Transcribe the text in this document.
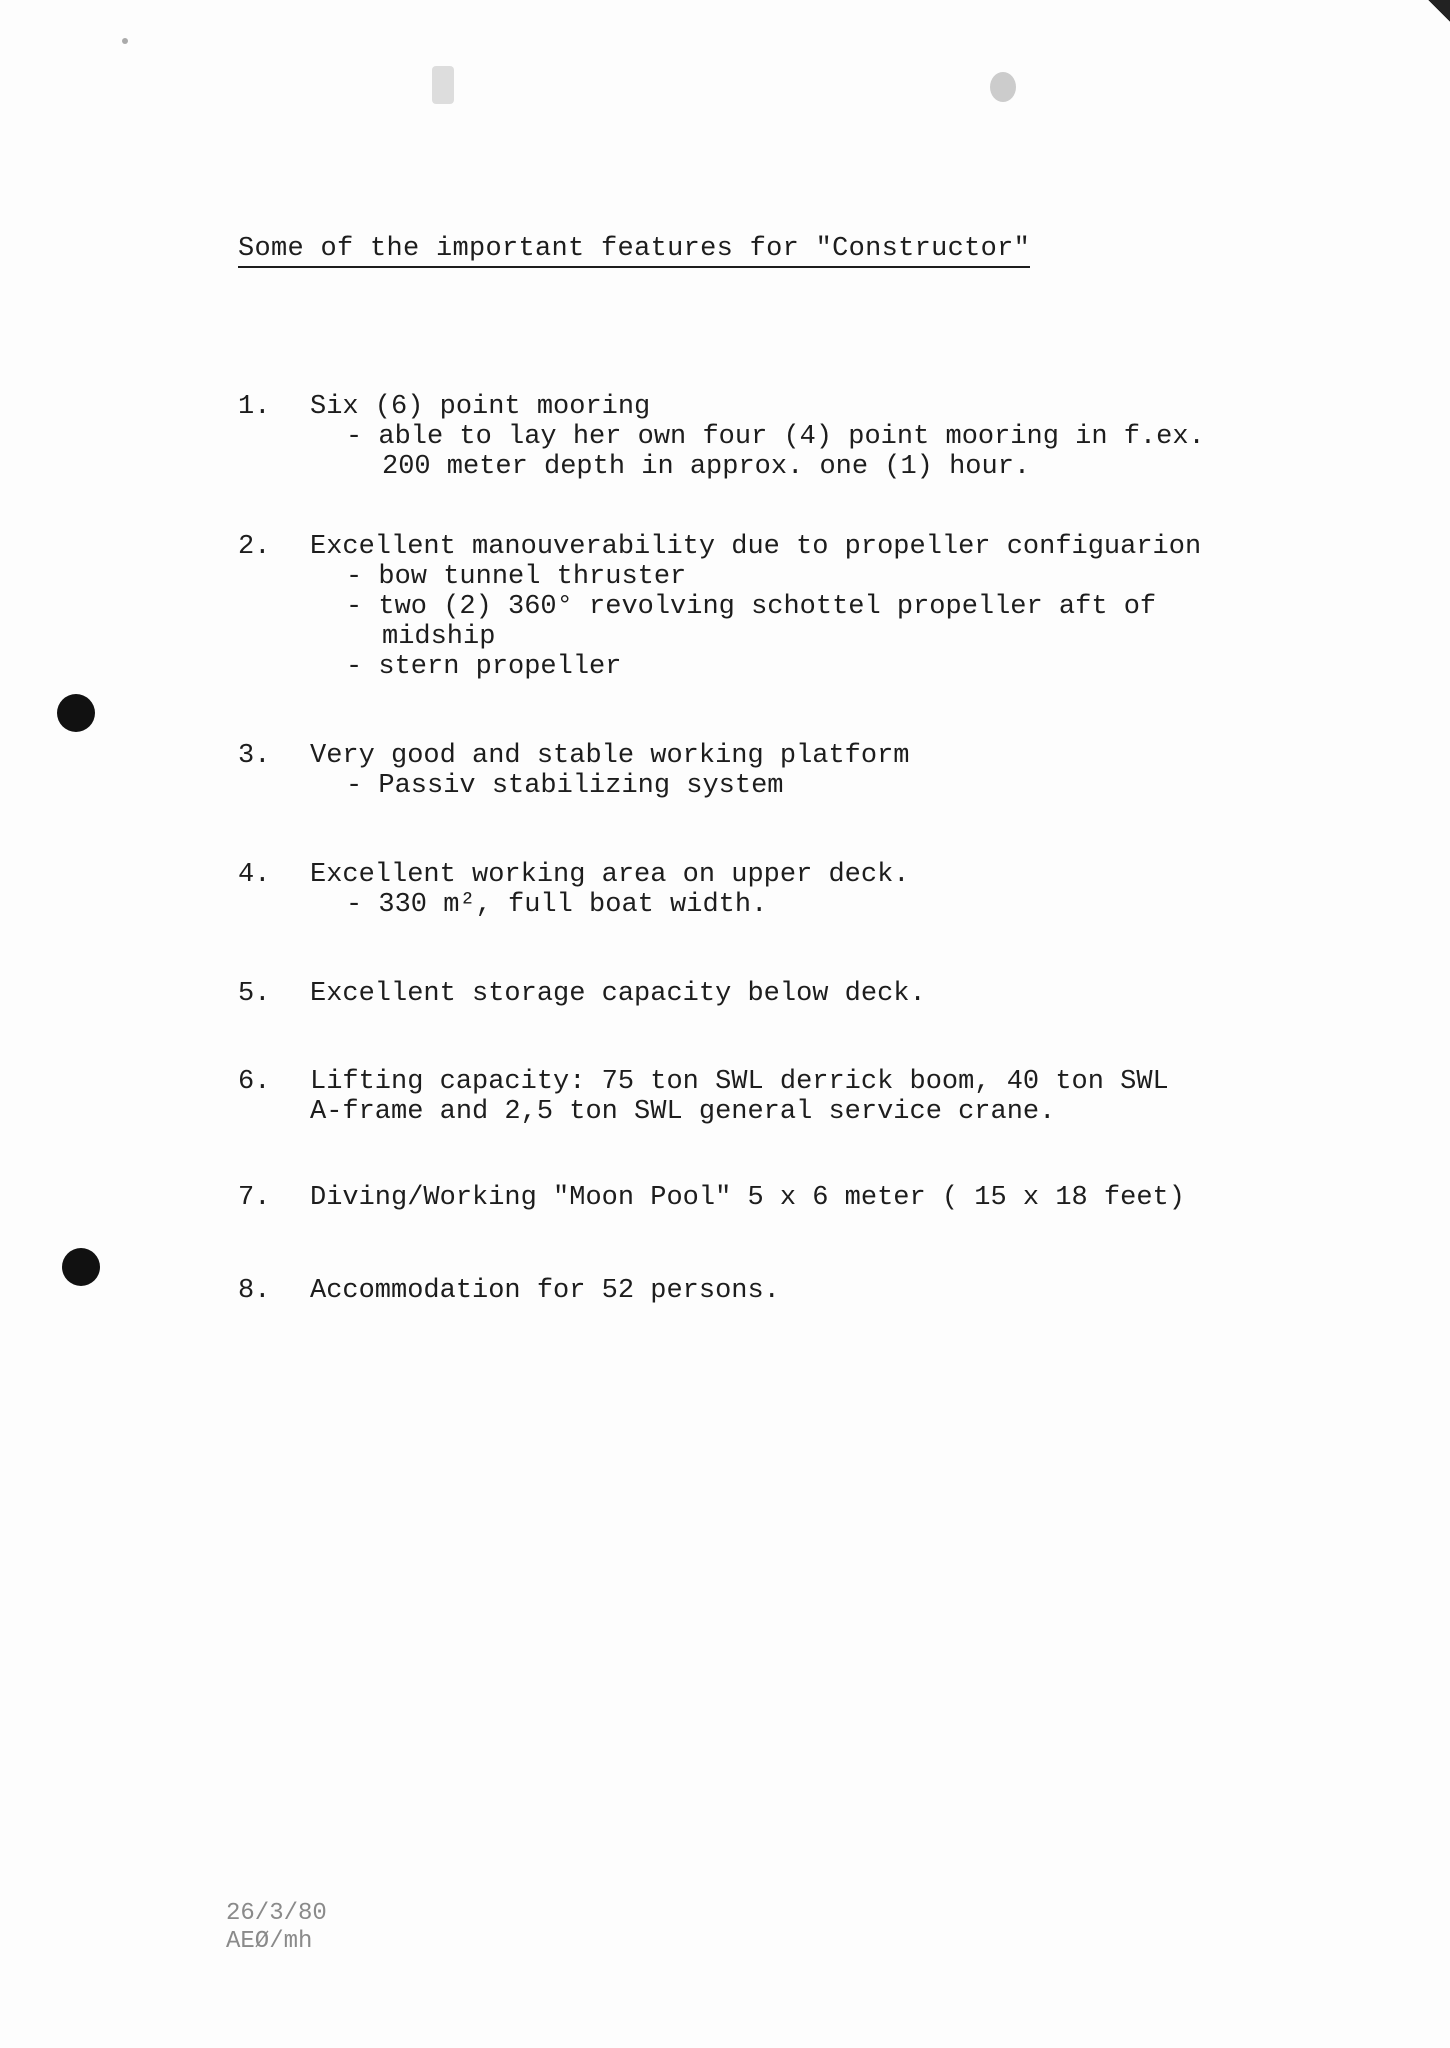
Some of the important features for "Constructor"
1.	Six (6) point mooring
- able to lay her own four (4) point mooring in f.ex.
200 meter depth in approx. one (1) hour.
2.	Excellent manouverability due to propeller configuarion
- bow tunnel thruster
- two (2) 360° revolving schottel propeller aft of
midship
- stern propeller
3.	Very good and stable working platform
- Passiv stabilizing system
4.	Excellent working area on upper deck.
- 330 m², full boat width.
5.	Excellent storage capacity below deck.
6.	Lifting capacity: 75 ton SWL derrick boom, 40 ton SWL
A-frame and 2,5 ton SWL general service crane.
7.	Diving/Working "Moon Pool" 5 x 6 meter ( 15 x 18 feet)
8.	Accommodation for 52 persons.
26/3/80
AEØ/mh
